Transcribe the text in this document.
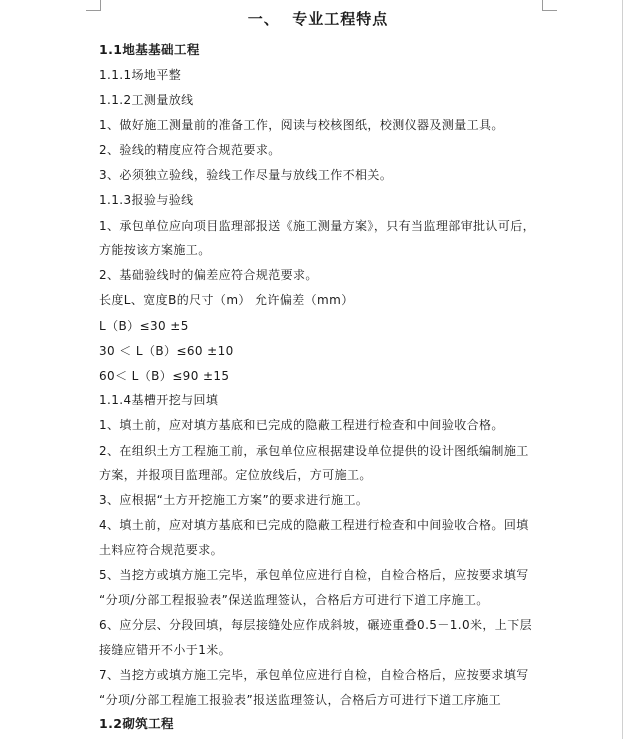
一、  专业工程特点
1.1地基基础工程
1.1.1场地平整
1.1.2工测量放线
1、做好施工测量前的准备工作，阅读与校核图纸，校测仪器及测量工具。
2、验线的精度应符合规范要求。
3、必须独立验线，验线工作尽量与放线工作不相关。
1.1.3报验与验线
1、承包单位应向项目监理部报送《施工测量方案》，只有当监理部审批认可后，
方能按该方案施工。
2、基础验线时的偏差应符合规范要求。
长度L、宽度B的尺寸（m） 允许偏差（mm）
L（B）≤30 ±5
30 ＜ L（B）≤60 ±10
60＜ L（B）≤90 ±15
1.1.4基槽开挖与回填
1、填土前，应对填方基底和已完成的隐蔽工程进行检查和中间验收合格。
2、在组织土方工程施工前，承包单位应根据建设单位提供的设计图纸编制施工
方案，并报项目监理部。定位放线后，方可施工。
3、应根据“土方开挖施工方案”的要求进行施工。
4、填土前，应对填方基底和已完成的隐蔽工程进行检查和中间验收合格。回填
土料应符合规范要求。
5、当挖方或填方施工完毕，承包单位应进行自检，自检合格后，应按要求填写
“分项/分部工程报验表”保送监理签认，合格后方可进行下道工序施工。
6、应分层、分段回填，每层接缝处应作成斜坡，碾迹重叠0.5－1.0米，上下层
接缝应错开不小于1米。
7、当挖方或填方施工完毕，承包单位应进行自检，自检合格后，应按要求填写
“分项/分部工程施工报验表”报送监理签认，合格后方可进行下道工序施工
1.2砌筑工程
